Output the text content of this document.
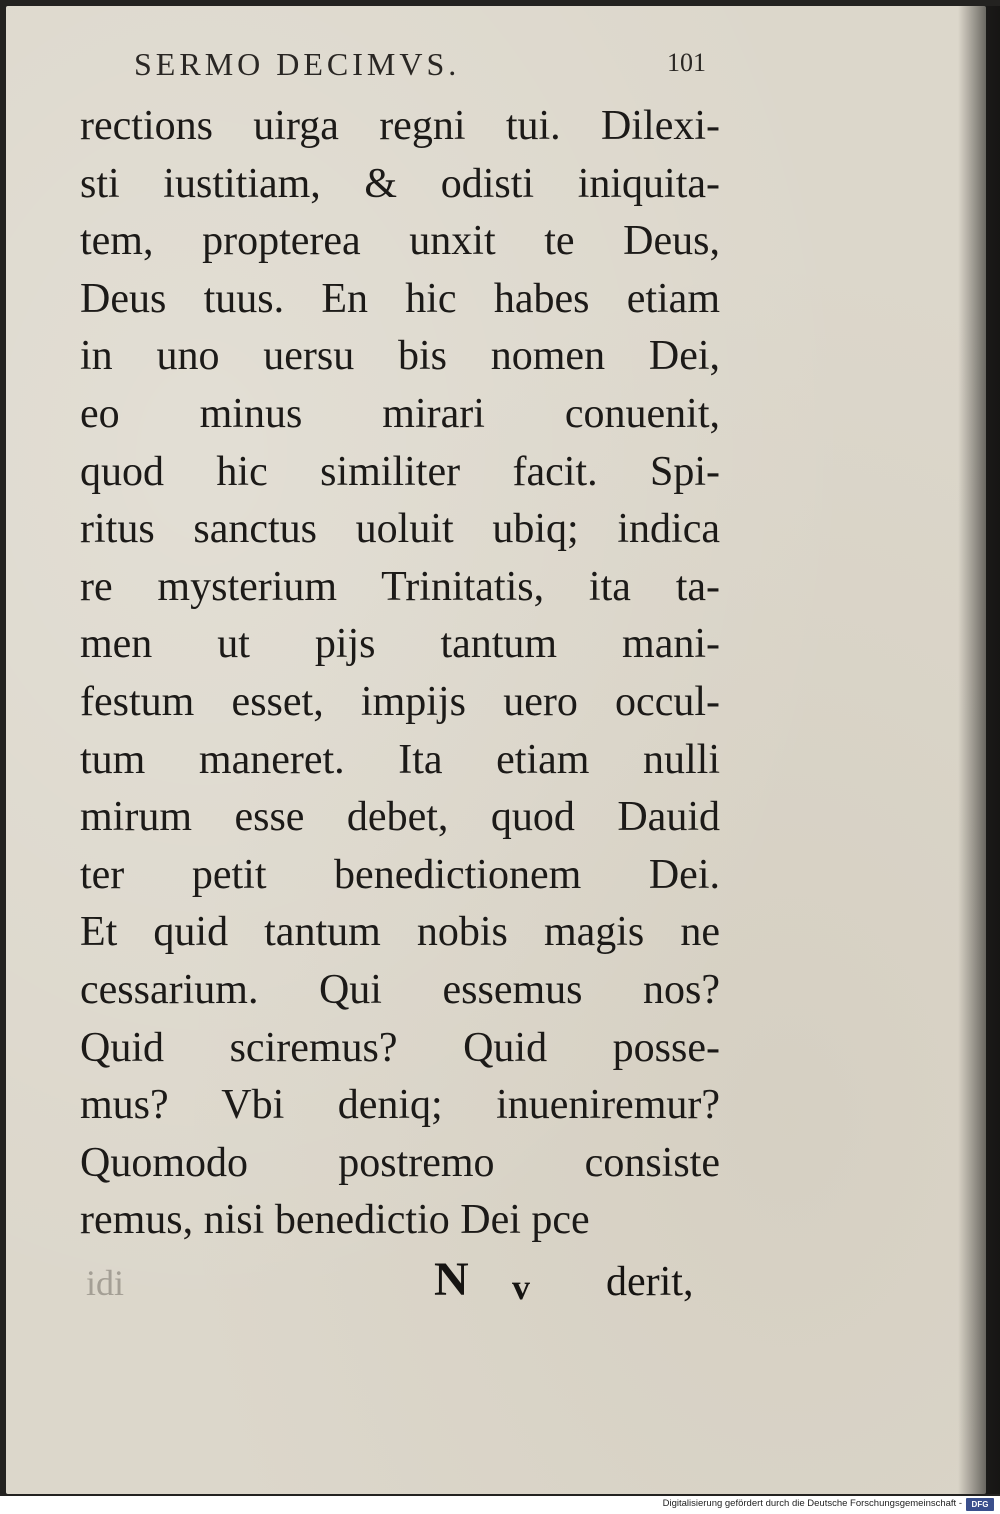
SERMO DECIMVS.	101
rections uirga regni tui. Dilexi-
sti iustitiam, & odisti iniquita-
tem, propterea unxit te Deus,
Deus tuus. En hic habes etiam
in uno uersu bis nomen Dei,
eo minus mirari conuenit,
quod hic similiter facit. Spi-
ritus sanctus uoluit ubiq; indica
re mysterium Trinitatis, ita ta-
men ut pijs tantum mani-
festum esset, impijs uero occul-
tum maneret. Ita etiam nulli
mirum esse debet, quod Dauid
ter petit benedictionem Dei.
Et quid tantum nobis magis ne
cessarium. Qui essemus nos?
Quid sciremus? Quid posse-
mus? Vbi deniq; inueniremur?
Quomodo postremo consiste
remus, nisi benedictio Dei pce
idi	N v derit,
Digitalisierung gefördert durch die Deutsche Forschungsgemeinschaft -	DFG
